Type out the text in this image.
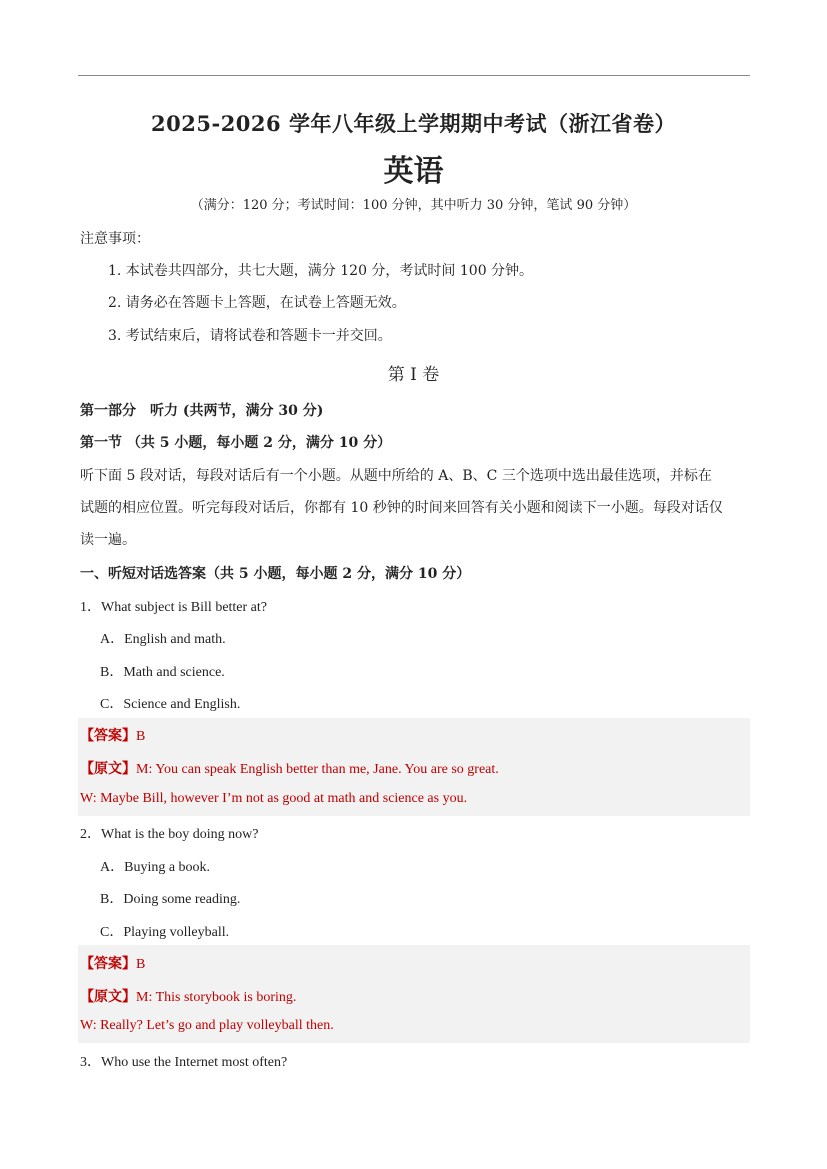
2025-2026 学年八年级上学期期中考试（浙江省卷）
英语
（满分：120 分；考试时间：100 分钟，其中听力 30 分钟，笔试 90 分钟）
注意事项：
1. 本试卷共四部分，共七大题，满分 120 分，考试时间 100 分钟。
2. 请务必在答题卡上答题，在试卷上答题无效。
3. 考试结束后，请将试卷和答题卡一并交回。
第 I 卷
第一部分　听力 (共两节，满分 30 分)
第一节 （共 5 小题，每小题 2 分，满分 10 分）
听下面 5 段对话，每段对话后有一个小题。从题中所给的 A、B、C 三个选项中选出最佳选项，并标在
试题的相应位置。听完每段对话后，你都有 10 秒钟的时间来回答有关小题和阅读下一小题。每段对话仅
读一遍。
一、听短对话选答案（共 5 小题，每小题 2 分，满分 10 分）
1．What subject is Bill better at?
A．English and math.
B．Math and science.
C．Science and English.
【答案】B
【原文】M: You can speak English better than me, Jane. You are so great.
W: Maybe Bill, however I’m not as good at math and science as you.
2．What is the boy doing now?
A．Buying a book.
B．Doing some reading.
C．Playing volleyball.
【答案】B
【原文】M: This storybook is boring.
W: Really? Let’s go and play volleyball then.
3．Who use the Internet most often?
